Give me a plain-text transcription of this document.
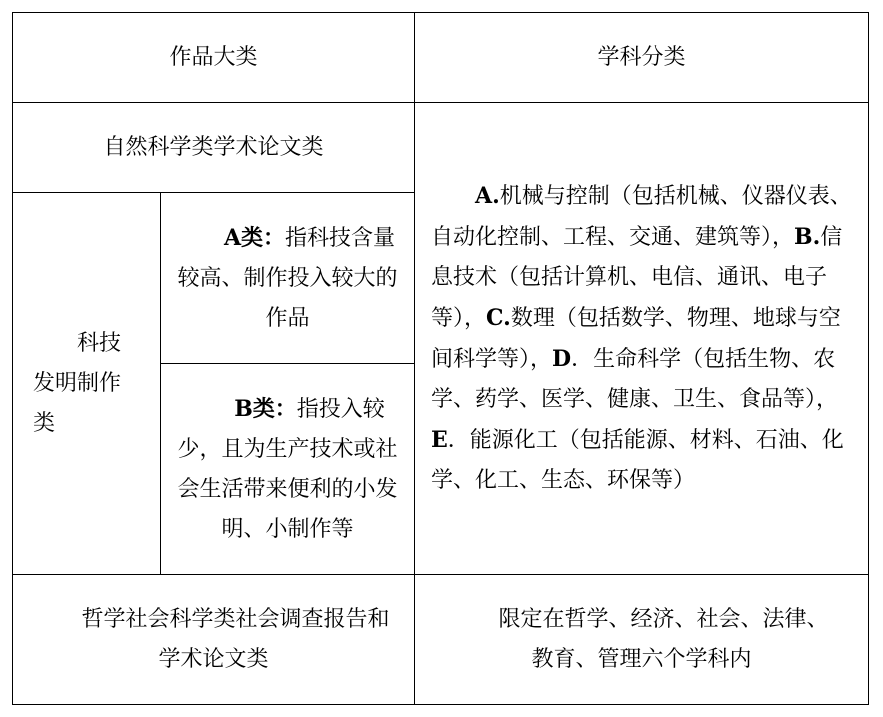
作品大类	学科分类
自然科学类学术论文类
科技发明制作类
A类：指科技含量较高、制作投入较大的作品
B类：指投入较少，且为生产技术或社会生活带来便利的小发明、小制作等
A.机械与控制（包括机械、仪器仪表、自动化控制、工程、交通、建筑等），B.信息技术（包括计算机、电信、通讯、电子等），C.数理（包括数学、物理、地球与空间科学等），D．生命科学（包括生物、农学、药学、医学、健康、卫生、食品等），E．能源化工（包括能源、材料、石油、化学、化工、生态、环保等）
哲学社会科学类社会调查报告和学术论文类
限定在哲学、经济、社会、法律、教育、管理六个学科内
